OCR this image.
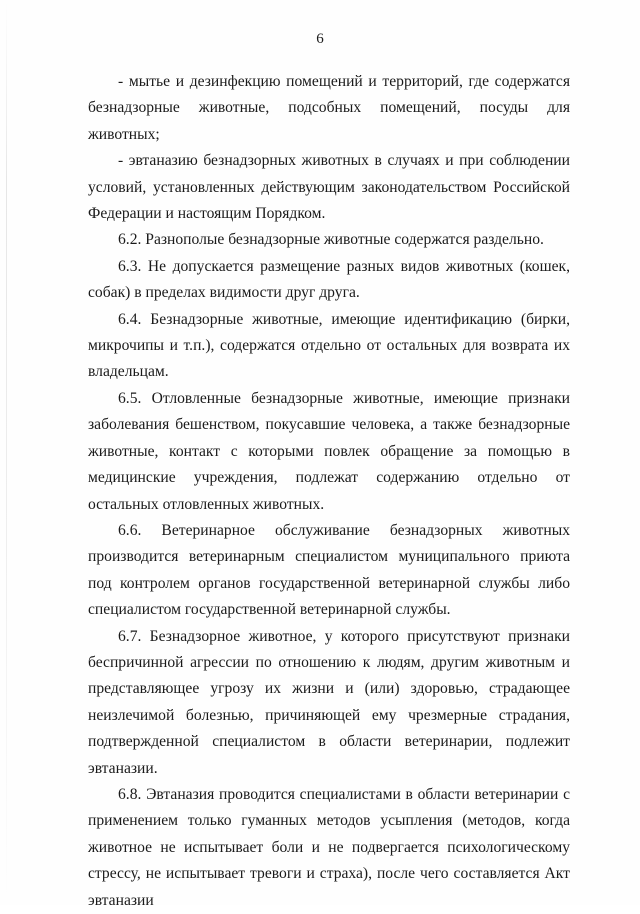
6

- мытье и дезинфекцию помещений и территорий, где содержатся безнадзорные животные, подсобных помещений, посуды для животных;

- эвтаназию безнадзорных животных в случаях и при соблюдении условий, установленных действующим законодательством Российской Федерации и настоящим Порядком.

6.2. Разнополые безнадзорные животные содержатся раздельно.

6.3. Не допускается размещение разных видов животных (кошек, собак) в пределах видимости друг друга.

6.4. Безнадзорные животные, имеющие идентификацию (бирки, микрочипы и т.п.), содержатся отдельно от остальных для возврата их владельцам.

6.5. Отловленные безнадзорные животные, имеющие признаки заболевания бешенством, покусавшие человека, а также безнадзорные животные, контакт с которыми повлек обращение за помощью в медицинские учреждения, подлежат содержанию отдельно от остальных отловленных животных.

6.6. Ветеринарное обслуживание безнадзорных животных производится ветеринарным специалистом муниципального приюта под контролем органов государственной ветеринарной службы либо специалистом государственной ветеринарной службы.

6.7. Безнадзорное животное, у которого присутствуют признаки беспричинной агрессии по отношению к людям, другим животным и представляющее угрозу их жизни и (или) здоровью, страдающее неизлечимой болезнью, причиняющей ему чрезмерные страдания, подтвержденной специалистом в области ветеринарии, подлежит эвтаназии.

6.8. Эвтаназия проводится специалистами в области ветеринарии с применением только гуманных методов усыпления (методов, когда животное не испытывает боли и не подвергается психологическому стрессу, не испытывает тревоги и страха), после чего составляется Акт эвтаназии
